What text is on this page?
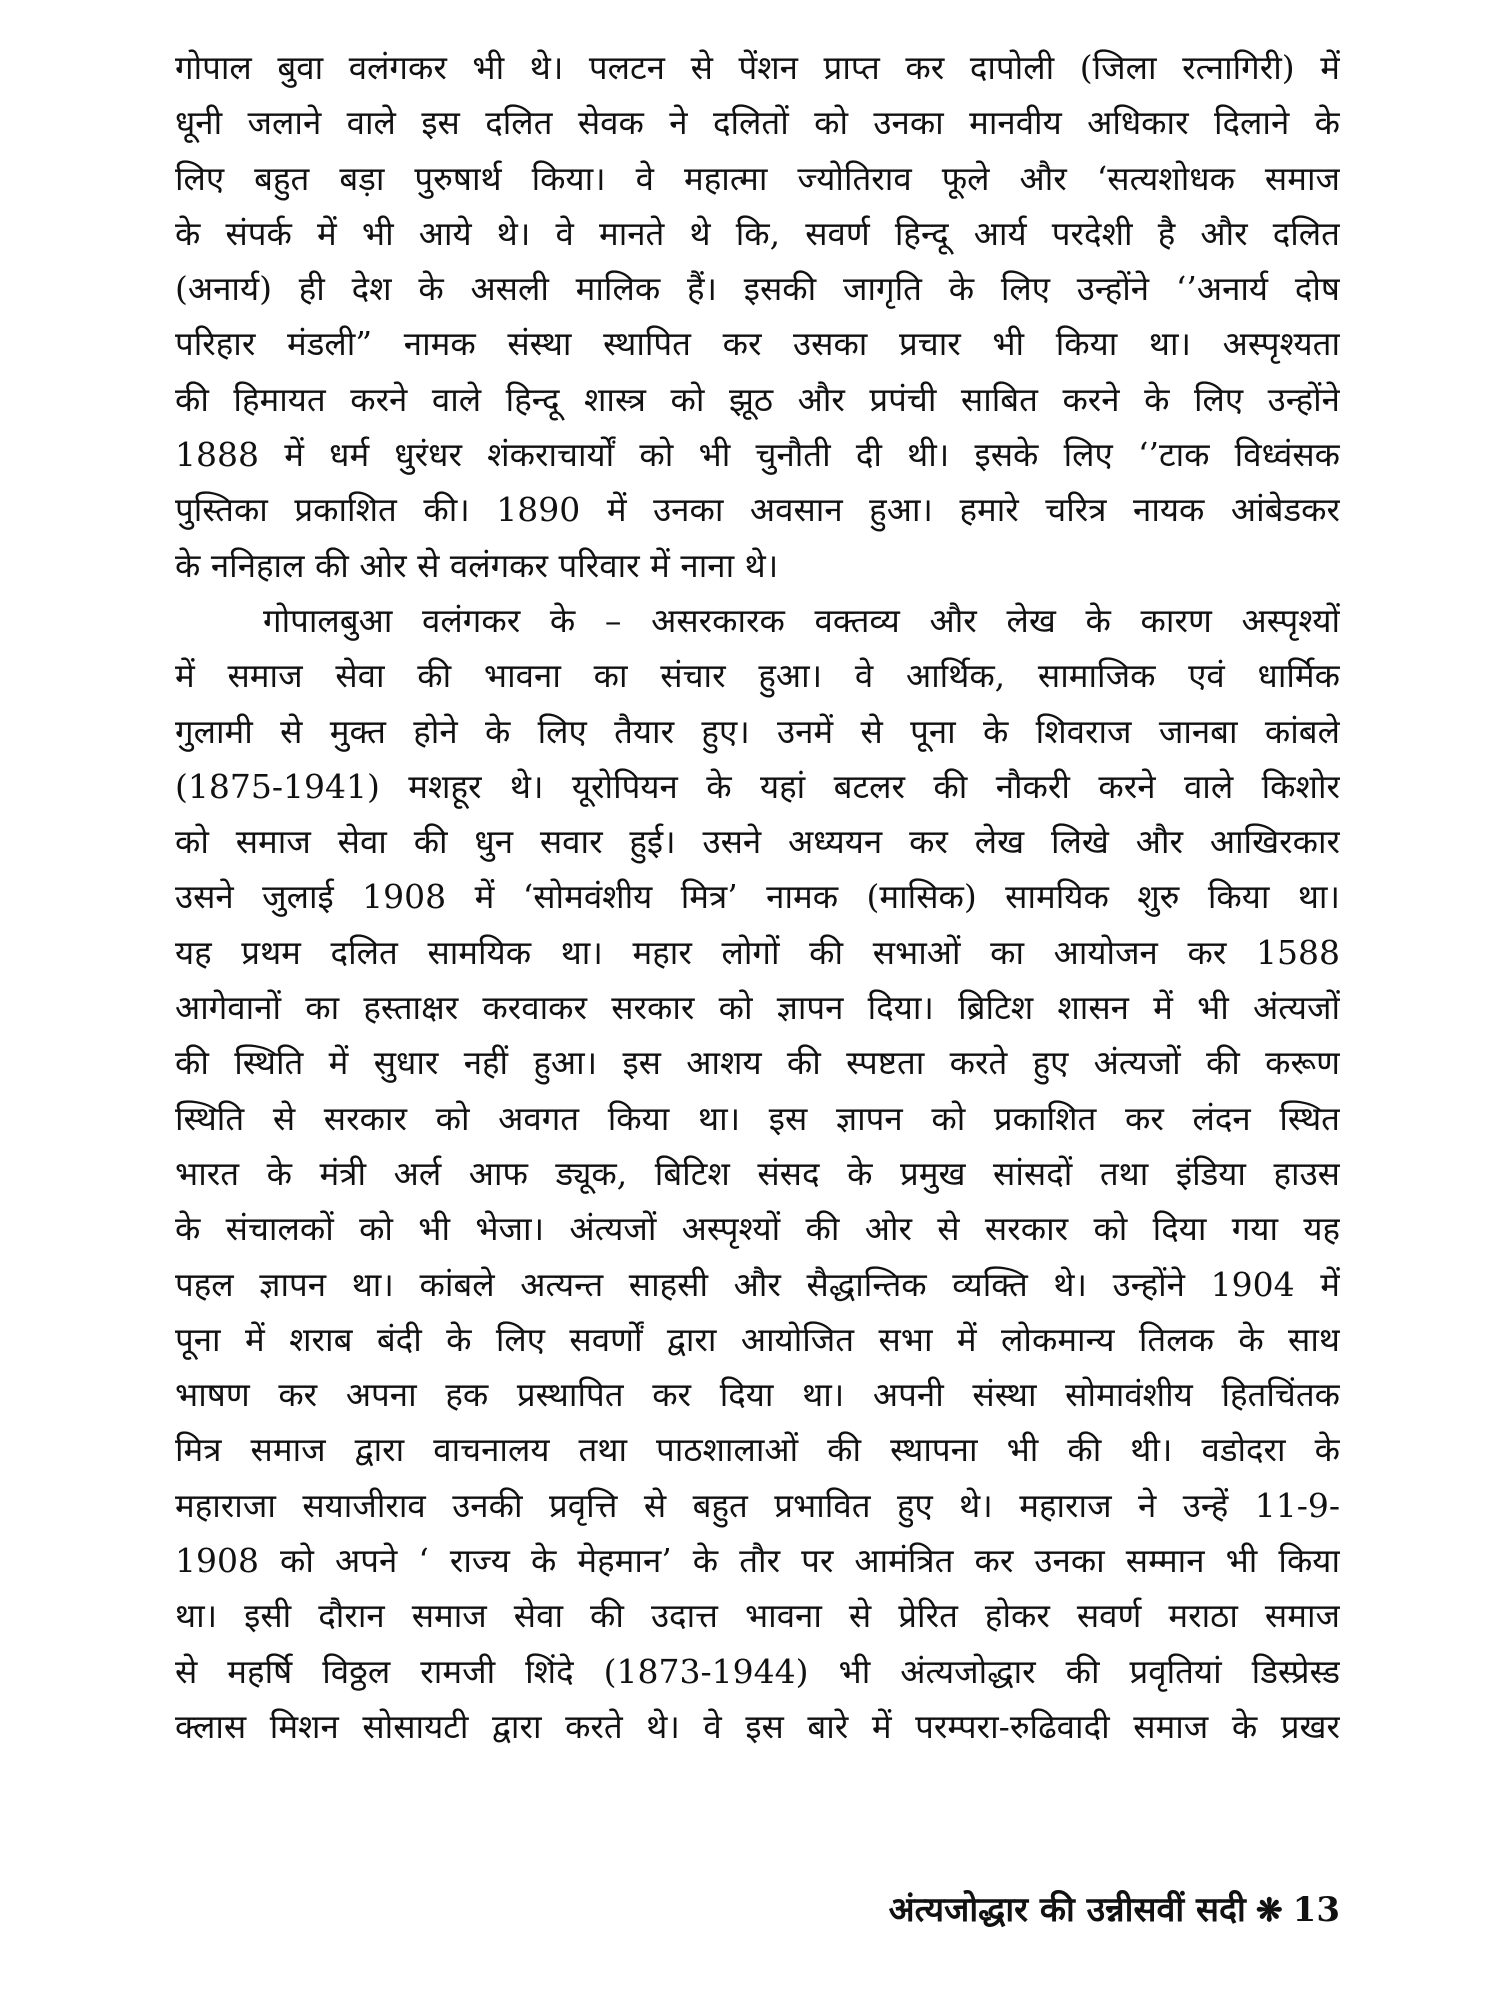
गोपाल बुवा वलंगकर भी थे। पलटन से पेंशन प्राप्त कर दापोली (जिला रत्नागिरी) में
धूनी जलाने वाले इस दलित सेवक ने दलितों को उनका मानवीय अधिकार दिलाने के
लिए बहुत बड़ा पुरुषार्थ किया। वे महात्मा ज्योतिराव फूले और ‘सत्यशोधक समाज
के संपर्क में भी आये थे। वे मानते थे कि, सवर्ण हिन्दू आर्य परदेशी है और दलित
(अनार्य) ही देश के असली मालिक हैं। इसकी जागृति के लिए उन्होंने ‘’अनार्य दोष
परिहार मंडली” नामक संस्था स्थापित कर उसका प्रचार भी किया था। अस्पृश्यता
की हिमायत करने वाले हिन्दू शास्त्र को झूठ और प्रपंची साबित करने के लिए उन्होंने
1888 में धर्म धुरंधर शंकराचार्यों को भी चुनौती दी थी। इसके लिए ‘’टाक विध्वंसक
पुस्तिका प्रकाशित की। 1890 में उनका अवसान हुआ। हमारे चरित्र नायक आंबेडकर
के ननिहाल की ओर से वलंगकर परिवार में नाना थे।
गोपालबुआ वलंगकर के – असरकारक वक्तव्य और लेख के कारण अस्पृश्यों
में समाज सेवा की भावना का संचार हुआ। वे आर्थिक, सामाजिक एवं धार्मिक
गुलामी से मुक्त होने के लिए तैयार हुए। उनमें से पूना के शिवराज जानबा कांबले
(1875-1941) मशहूर थे। यूरोपियन के यहां बटलर की नौकरी करने वाले किशोर
को समाज सेवा की धुन सवार हुई। उसने अध्ययन कर लेख लिखे और आखिरकार
उसने जुलाई 1908 में ‘सोमवंशीय मित्र’ नामक (मासिक) सामयिक शुरु किया था।
यह प्रथम दलित सामयिक था। महार लोगों की सभाओं का आयोजन कर 1588
आगेवानों का हस्ताक्षर करवाकर सरकार को ज्ञापन दिया। ब्रिटिश शासन में भी अंत्यजों
की स्थिति में सुधार नहीं हुआ। इस आशय की स्पष्टता करते हुए अंत्यजों की करूण
स्थिति से सरकार को अवगत किया था। इस ज्ञापन को प्रकाशित कर लंदन स्थित
भारत के मंत्री अर्ल आफ ड्यूक, बिटिश संसद के प्रमुख सांसदों तथा इंडिया हाउस
के संचालकों को भी भेजा। अंत्यजों अस्पृश्यों की ओर से सरकार को दिया गया यह
पहल ज्ञापन था। कांबले अत्यन्त साहसी और सैद्धान्तिक व्यक्ति थे। उन्होंने 1904 में
पूना में शराब बंदी के लिए सवर्णों द्वारा आयोजित सभा में लोकमान्य तिलक के साथ
भाषण कर अपना हक प्रस्थापित कर दिया था। अपनी संस्था सोमावंशीय हितचिंतक
मित्र समाज द्वारा वाचनालय तथा पाठशालाओं की स्थापना भी की थी। वडोदरा के
महाराजा सयाजीराव उनकी प्रवृत्ति से बहुत प्रभावित हुए थे। महाराज ने उन्हें 11-9-
1908 को अपने ‘ राज्य के मेहमान’ के तौर पर आमंत्रित कर उनका सम्मान भी किया
था। इसी दौरान समाज सेवा की उदात्त भावना से प्रेरित होकर सवर्ण मराठा समाज
से महर्षि विठ्ठल रामजी शिंदे (1873-1944) भी अंत्यजोद्धार की प्रवृतियां डिस्प्रेस्ड
क्लास मिशन सोसायटी द्वारा करते थे। वे इस बारे में परम्परा-रुढिवादी समाज के प्रखर
अंत्यजोद्धार की उन्नीसवीं सदी ❋ 13
